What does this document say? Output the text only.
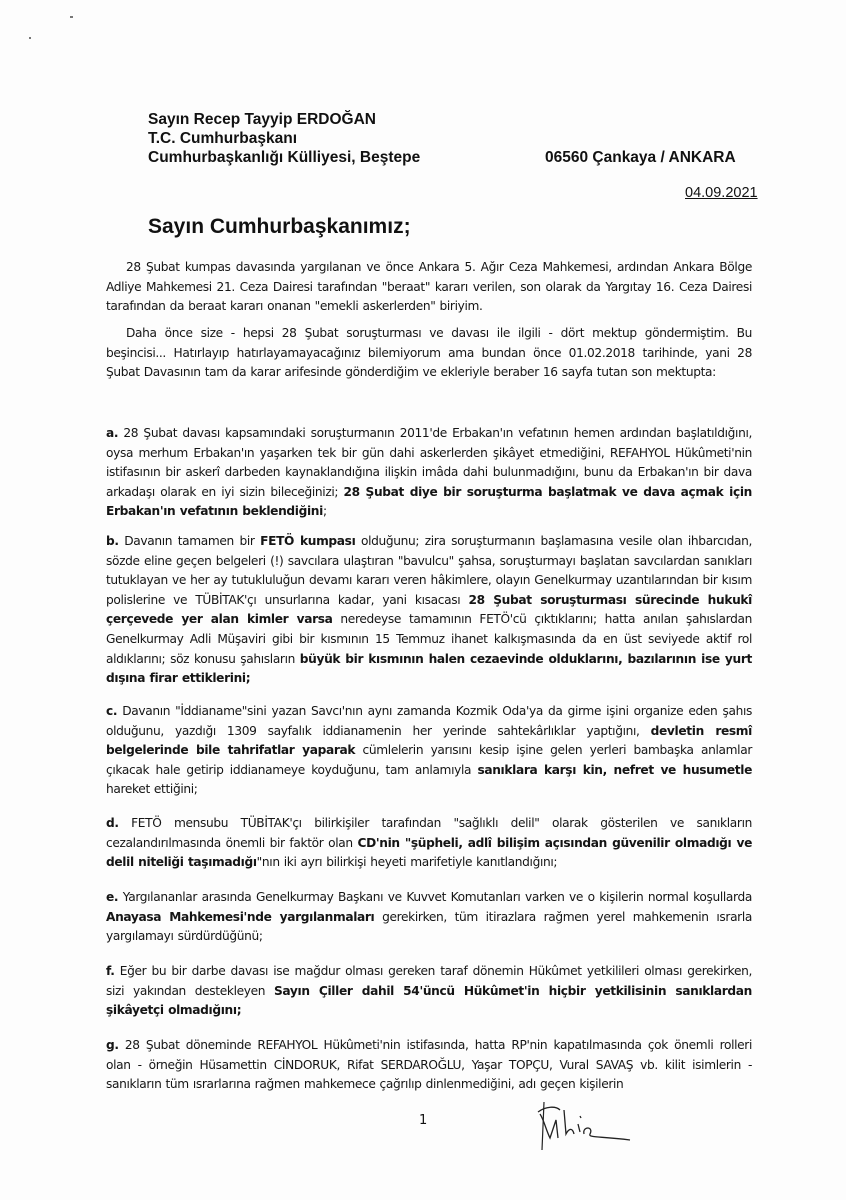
Sayın Recep Tayyip ERDOĞAN
T.C. Cumhurbaşkanı
Cumhurbaşkanlığı Külliyesi, Beştepe	06560 Çankaya / ANKARA
04.09.2021
Sayın Cumhurbaşkanımız;

28 Şubat kumpas davasında yargılanan ve önce Ankara 5. Ağır Ceza Mahkemesi, ardından Ankara Bölge Adliye Mahkemesi 21. Ceza Dairesi tarafından "beraat" kararı verilen, son olarak da Yargıtay 16. Ceza Dairesi tarafından da beraat kararı onanan "emekli askerlerden" biriyim.

Daha önce size - hepsi 28 Şubat soruşturması ve davası ile ilgili - dört mektup göndermiştim. Bu beşincisi... Hatırlayıp hatırlayamayacağınız bilemiyorum ama bundan önce 01.02.2018 tarihinde, yani 28 Şubat Davasının tam da karar arifesinde gönderdiğim ve ekleriyle beraber 16 sayfa tutan son mektupta:

a. 28 Şubat davası kapsamındaki soruşturmanın 2011'de Erbakan'ın vefatının hemen ardından başlatıldığını, oysa merhum Erbakan'ın yaşarken tek bir gün dahi askerlerden şikâyet etmediğini, REFAHYOL Hükûmeti'nin istifasının bir askerî darbeden kaynaklandığına ilişkin imâda dahi bulunmadığını, bunu da Erbakan'ın bir dava arkadaşı olarak en iyi sizin bileceğinizi; 28 Şubat diye bir soruşturma başlatmak ve dava açmak için Erbakan'ın vefatının beklendiğini;

b. Davanın tamamen bir FETÖ kumpası olduğunu; zira soruşturmanın başlamasına vesile olan ihbarcıdan, sözde eline geçen belgeleri (!) savcılara ulaştıran "bavulcu" şahsa, soruşturmayı başlatan savcılardan sanıkları tutuklayan ve her ay tutukluluğun devamı kararı veren hâkimlere, olayın Genelkurmay uzantılarından bir kısım polislerine ve TÜBİTAK'çı unsurlarına kadar, yani kısacası 28 Şubat soruşturması sürecinde hukukî çerçevede yer alan kimler varsa neredeyse tamamının FETÖ'cü çıktıklarını; hatta anılan şahıslardan Genelkurmay Adli Müşaviri gibi bir kısmının 15 Temmuz ihanet kalkışmasında da en üst seviyede aktif rol aldıklarını; söz konusu şahısların büyük bir kısmının halen cezaevinde olduklarını, bazılarının ise yurt dışına firar ettiklerini;

c. Davanın "İddianame"sini yazan Savcı'nın aynı zamanda Kozmik Oda'ya da girme işini organize eden şahıs olduğunu, yazdığı 1309 sayfalık iddianamenin her yerinde sahtekârlıklar yaptığını, devletin resmî belgelerinde bile tahrifatlar yaparak cümlelerin yarısını kesip işine gelen yerleri bambaşka anlamlar çıkacak hale getirip iddianameye koyduğunu, tam anlamıyla sanıklara karşı kin, nefret ve husumetle hareket ettiğini;

d. FETÖ mensubu TÜBİTAK'çı bilirkişiler tarafından "sağlıklı delil" olarak gösterilen ve sanıkların cezalandırılmasında önemli bir faktör olan CD'nin "şüpheli, adlî bilişim açısından güvenilir olmadığı ve delil niteliği taşımadığı"nın iki ayrı bilirkişi heyeti marifetiyle kanıtlandığını;

e. Yargılananlar arasında Genelkurmay Başkanı ve Kuvvet Komutanları varken ve o kişilerin normal koşullarda Anayasa Mahkemesi'nde yargılanmaları gerekirken, tüm itirazlara rağmen yerel mahkemenin ısrarla yargılamayı sürdürdüğünü;

f. Eğer bu bir darbe davası ise mağdur olması gereken taraf dönemin Hükûmet yetkilileri olması gerekirken, sizi yakından destekleyen Sayın Çiller dahil 54'üncü Hükûmet'in hiçbir yetkilisinin sanıklardan şikâyetçi olmadığını;

g. 28 Şubat döneminde REFAHYOL Hükûmeti'nin istifasında, hatta RP'nin kapatılmasında çok önemli rolleri olan - örneğin Hüsamettin CİNDORUK, Rifat SERDAROĞLU, Yaşar TOPÇU, Vural SAVAŞ vb. kilit isimlerin - sanıkların tüm ısrarlarına rağmen mahkemece çağrılıp dinlenmediğini, adı geçen kişilerin

1
